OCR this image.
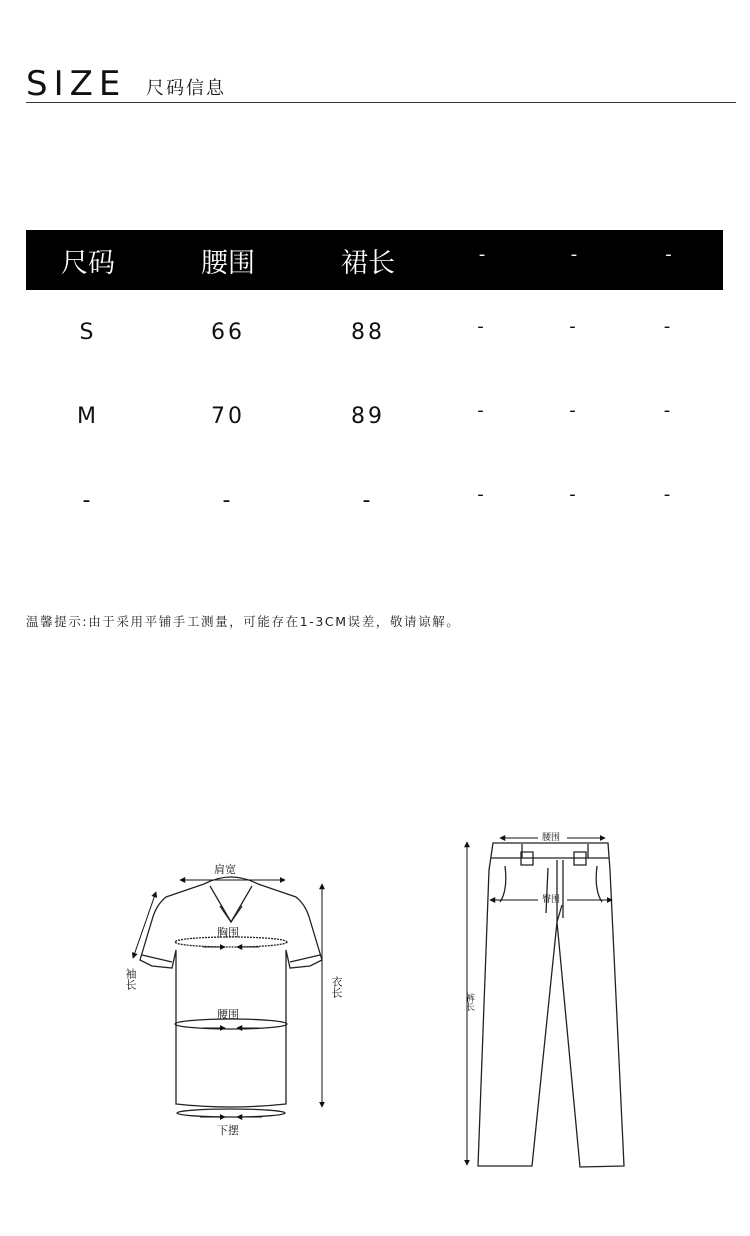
SIZE 尺码信息
尺码	腰围	裙长	-	-	-
S	66	88	-	-	-
M	70	89	-	-	-
-	-	-	-	-	-
温馨提示:由于采用平铺手工测量，可能存在1-3CM误差，敬请谅解。
肩宽
胸围
腰围
下摆
袖长	衣长
腰围
臀围
裤长
